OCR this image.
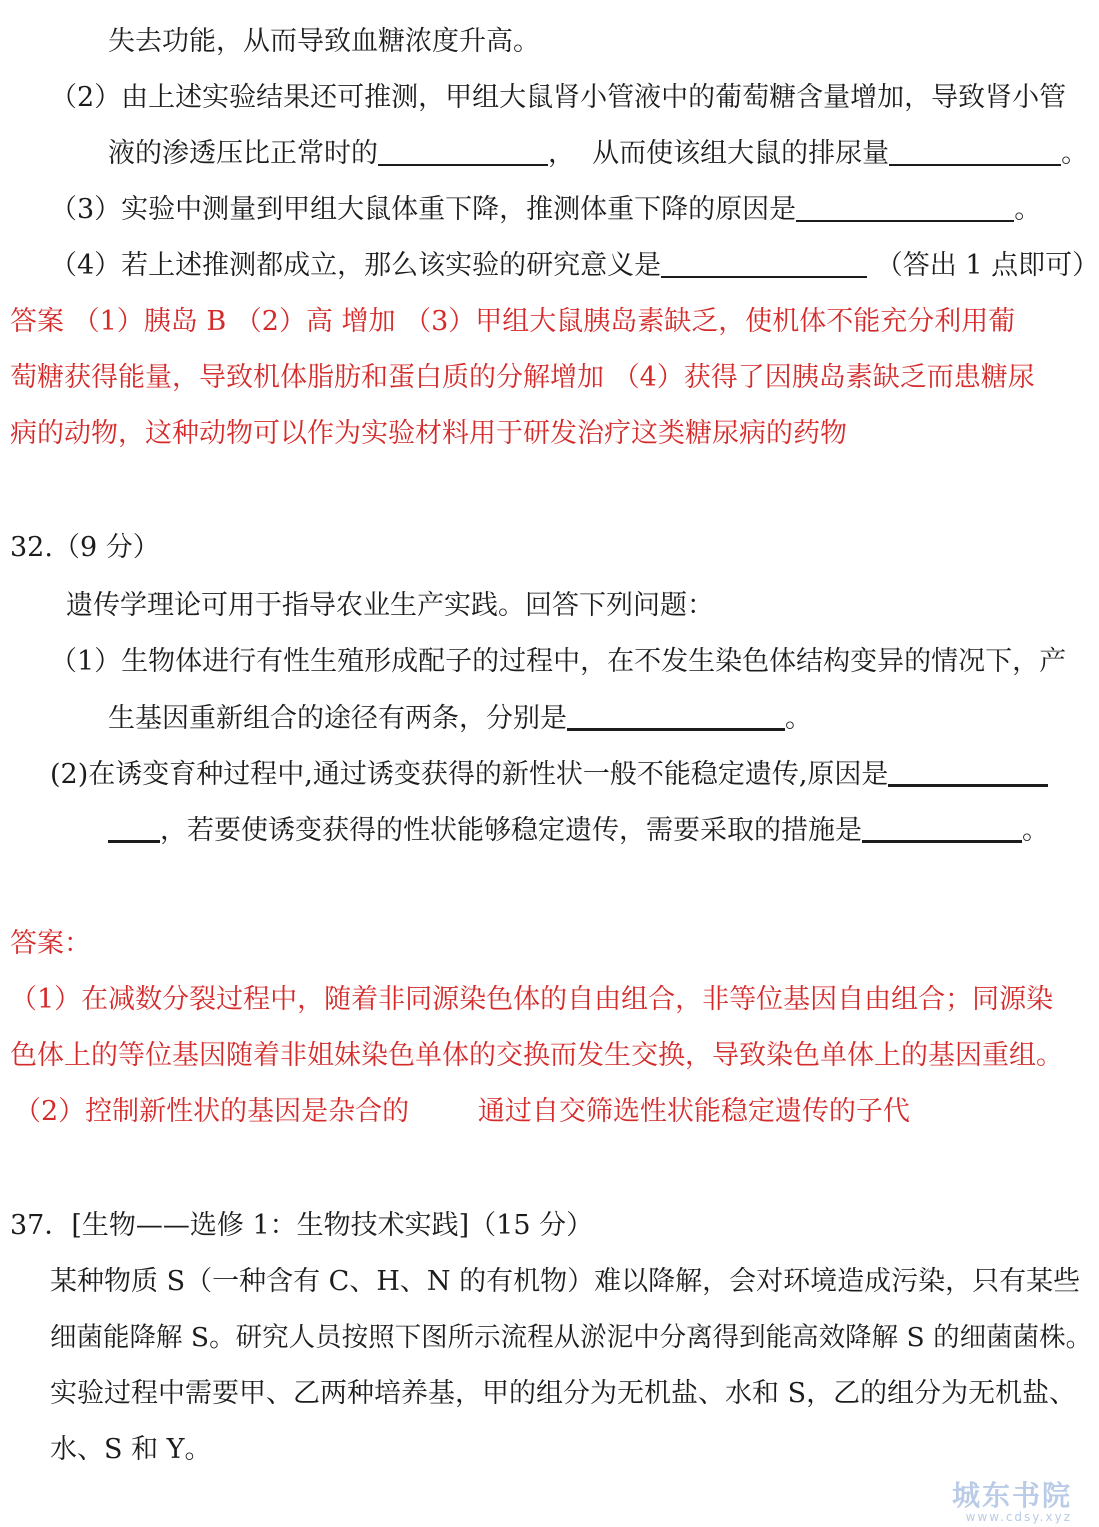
失去功能，从而导致血糖浓度升高。
（2）由上述实验结果还可推测，甲组大鼠肾小管液中的葡萄糖含量增加，导致肾小管
液的渗透压比正常时的	， 从而使该组大鼠的排尿量	。
（3）实验中测量到甲组大鼠体重下降，推测体重下降的原因是	。
（4）若上述推测都成立，那么该实验的研究意义是	（答出 1 点即可）
答案 （1）胰岛 B （2）高 增加 （3）甲组大鼠胰岛素缺乏，使机体不能充分利用葡
萄糖获得能量，导致机体脂肪和蛋白质的分解增加 （4）获得了因胰岛素缺乏而患糖尿
病的动物，这种动物可以作为实验材料用于研发治疗这类糖尿病的药物
32.（9 分）
遗传学理论可用于指导农业生产实践。回答下列问题：
（1）生物体进行有性生殖形成配子的过程中，在不发生染色体结构变异的情况下，产
生基因重新组合的途径有两条，分别是	。
(2)在诱变育种过程中,通过诱变获得的新性状一般不能稳定遗传,原因是
，若要使诱变获得的性状能够稳定遗传，需要采取的措施是	。
答案：
（1）在减数分裂过程中，随着非同源染色体的自由组合，非等位基因自由组合；同源染
色体上的等位基因随着非姐妹染色单体的交换而发生交换，导致染色单体上的基因重组。
（2）控制新性状的基因是杂合的        通过自交筛选性状能稳定遗传的子代
37．[生物——选修 1：生物技术实践]（15 分）
某种物质 S（一种含有 C、H、N 的有机物）难以降解，会对环境造成污染，只有某些
细菌能降解 S。研究人员按照下图所示流程从淤泥中分离得到能高效降解 S 的细菌菌株。
实验过程中需要甲、乙两种培养基，甲的组分为无机盐、水和 S，乙的组分为无机盐、
水、S 和 Y。
城东书院
www.cdsy.xyz
